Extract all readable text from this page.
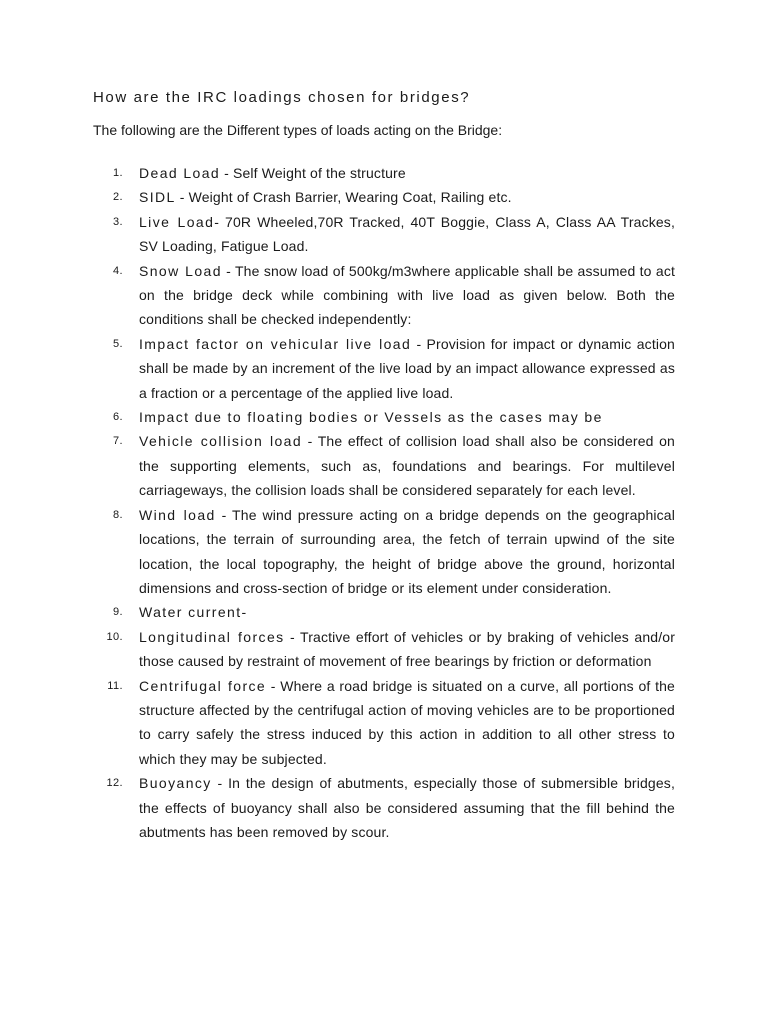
How are the IRC loadings chosen for bridges?

The following are the Different types of loads acting on the Bridge:

1 . Dead Load - Self Weight of the structure
2 . SIDL - Weight of Crash Barrier, Wearing Coat, Railing etc.
3 . Live Load- 70R Wheeled,70R Tracked, 40T Boggie, Class A, Class AA Trackes, SV Loading, Fatigue Load.
4 . Snow Load - The snow load of 500kg/m3where applicable shall be assumed to act on the bridge deck while combining with live load as given below. Both the conditions shall be checked independently:
5 . Impact factor on vehicular live load - Provision for impact or dynamic action shall be made by an increment of the live load by an impact allowance expressed as a fraction or a percentage of the applied live load.
6 . Impact due to floating bodies or Vessels as the cases may be
7 . Vehicle collision load - The effect of collision load shall also be considered on the supporting elements, such as, foundations and bearings. For multilevel carriageways, the collision loads shall be considered separately for each level.
8 . Wind load - The wind pressure acting on a bridge depends on the geographical locations, the terrain of surrounding area, the fetch of terrain upwind of the site location, the local topography, the height of bridge above the ground, horizontal dimensions and cross-section of bridge or its element under consideration.
9 . Water current-
10 . Longitudinal forces - Tractive effort of vehicles or by braking of vehicles and/or those caused by restraint of movement of free bearings by friction or deformation
11 . Centrifugal force - Where a road bridge is situated on a curve, all portions of the structure affected by the centrifugal action of moving vehicles are to be proportioned to carry safely the stress induced by this action in addition to all other stress to which they may be subjected.
12 . Buoyancy - In the design of abutments, especially those of submersible bridges, the effects of buoyancy shall also be considered assuming that the fill behind the abutments has been removed by scour.
